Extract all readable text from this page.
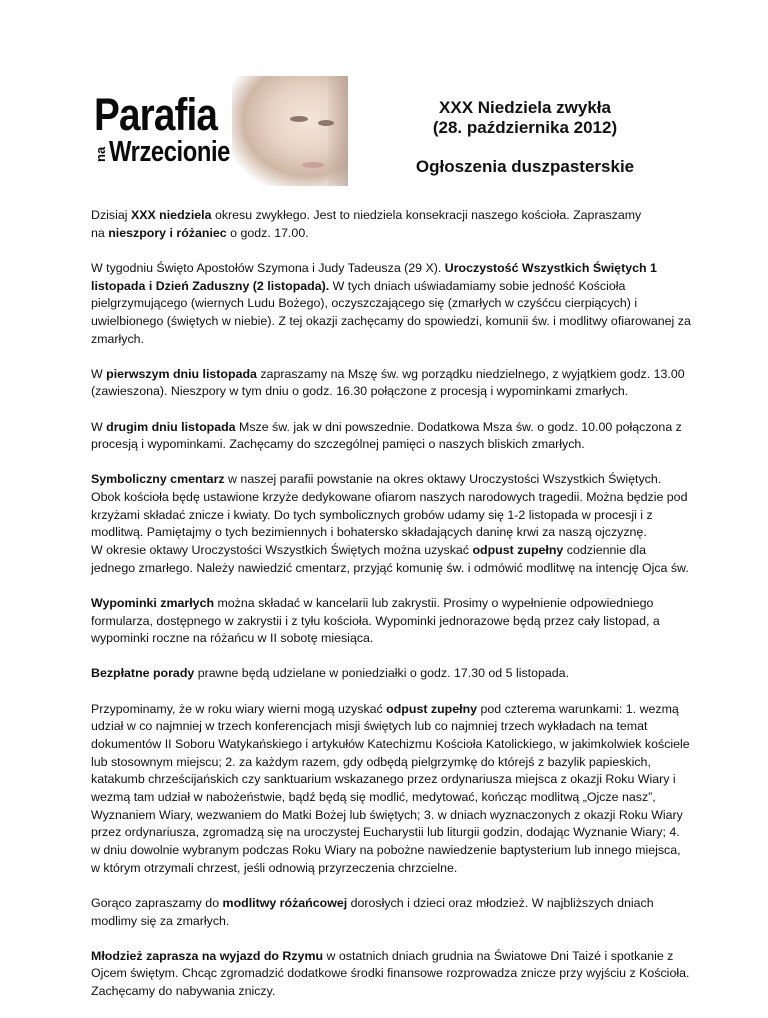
Parafia
na Wrzecionie
XXX Niedziela zwykła
(28. października 2012)
Ogłoszenia duszpasterskie

Dzisiaj XXX niedziela okresu zwykłego. Jest to niedziela konsekracji naszego kościoła. Zapraszamy
na nieszpory i różaniec o godz. 17.00.

W tygodniu Święto Apostołów Szymona i Judy Tadeusza (29 X). Uroczystość Wszystkich Świętych 1 listopada i Dzień Zaduszny (2 listopada). W tych dniach uświadamiamy sobie jedność Kościoła pielgrzymującego (wiernych Ludu Bożego), oczyszczającego się (zmarłych w czyśćcu cierpiących) i uwielbionego (świętych w niebie). Z tej okazji zachęcamy do spowiedzi, komunii św. i modlitwy ofiarowanej za zmarłych.

W pierwszym dniu listopada zapraszamy na Mszę św. wg porządku niedzielnego, z wyjątkiem godz. 13.00 (zawieszona). Nieszpory w tym dniu o godz. 16.30 połączone z procesją i wypominkami zmarłych.

W drugim dniu listopada Msze św. jak w dni powszednie. Dodatkowa Msza św. o godz. 10.00 połączona z procesją i wypominkami. Zachęcamy do szczególnej pamięci o naszych bliskich zmarłych.

Symboliczny cmentarz w naszej parafii powstanie na okres oktawy Uroczystości Wszystkich Świętych. Obok kościoła będę ustawione krzyże dedykowane ofiarom naszych narodowych tragedii. Można będzie pod krzyżami składać znicze i kwiaty. Do tych symbolicznych grobów udamy się 1-2 listopada w procesji i z modlitwą. Pamiętajmy o tych bezimiennych i bohatersko składających daninę krwi za naszą ojczyznę.
W okresie oktawy Uroczystości Wszystkich Świętych można uzyskać odpust zupełny codziennie dla jednego zmarłego. Należy nawiedzić cmentarz, przyjąć komunię św. i odmówić modlitwę na intencję Ojca św.

Wypominki zmarłych można składać w kancelarii lub zakrystii. Prosimy o wypełnienie odpowiedniego formularza, dostępnego w zakrystii i z tyłu kościoła. Wypominki jednorazowe będą przez cały listopad, a wypominki roczne na różańcu w II sobotę miesiąca.

Bezpłatne porady prawne będą udzielane w poniedziałki o godz. 17.30 od 5 listopada.

Przypominamy, że w roku wiary wierni mogą uzyskać odpust zupełny pod czterema warunkami: 1. wezmą udział w co najmniej w trzech konferencjach misji świętych lub co najmniej trzech wykładach na temat dokumentów II Soboru Watykańskiego i artykułów Katechizmu Kościoła Katolickiego, w jakimkolwiek kościele lub stosownym miejscu; 2. za każdym razem, gdy odbędą pielgrzymkę do którejś z bazylik papieskich, katakumb chrześcijańskich czy sanktuarium wskazanego przez ordynariusza miejsca z okazji Roku Wiary i wezmą tam udział w nabożeństwie, bądź będą się modlić, medytować, kończąc modlitwą „Ojcze nasz”, Wyznaniem Wiary, wezwaniem do Matki Bożej lub świętych; 3. w dniach wyznaczonych z okazji Roku Wiary przez ordynariusza, zgromadzą się na uroczystej Eucharystii lub liturgii godzin, dodając Wyznanie Wiary; 4. w dniu dowolnie wybranym podczas Roku Wiary na pobożne nawiedzenie baptysterium lub innego miejsca, w którym otrzymali chrzest, jeśli odnowią przyrzeczenia chrzcielne.

Gorąco zapraszamy do modlitwy różańcowej dorosłych i dzieci oraz młodzież. W najbliższych dniach modlimy się za zmarłych.

Młodzież zaprasza na wyjazd do Rzymu w ostatnich dniach grudnia na Światowe Dni Taizé i spotkanie z Ojcem świętym. Chcąc zgromadzić dodatkowe środki finansowe rozprowadza znicze przy wyjściu z Kościoła. Zachęcamy do nabywania zniczy.
